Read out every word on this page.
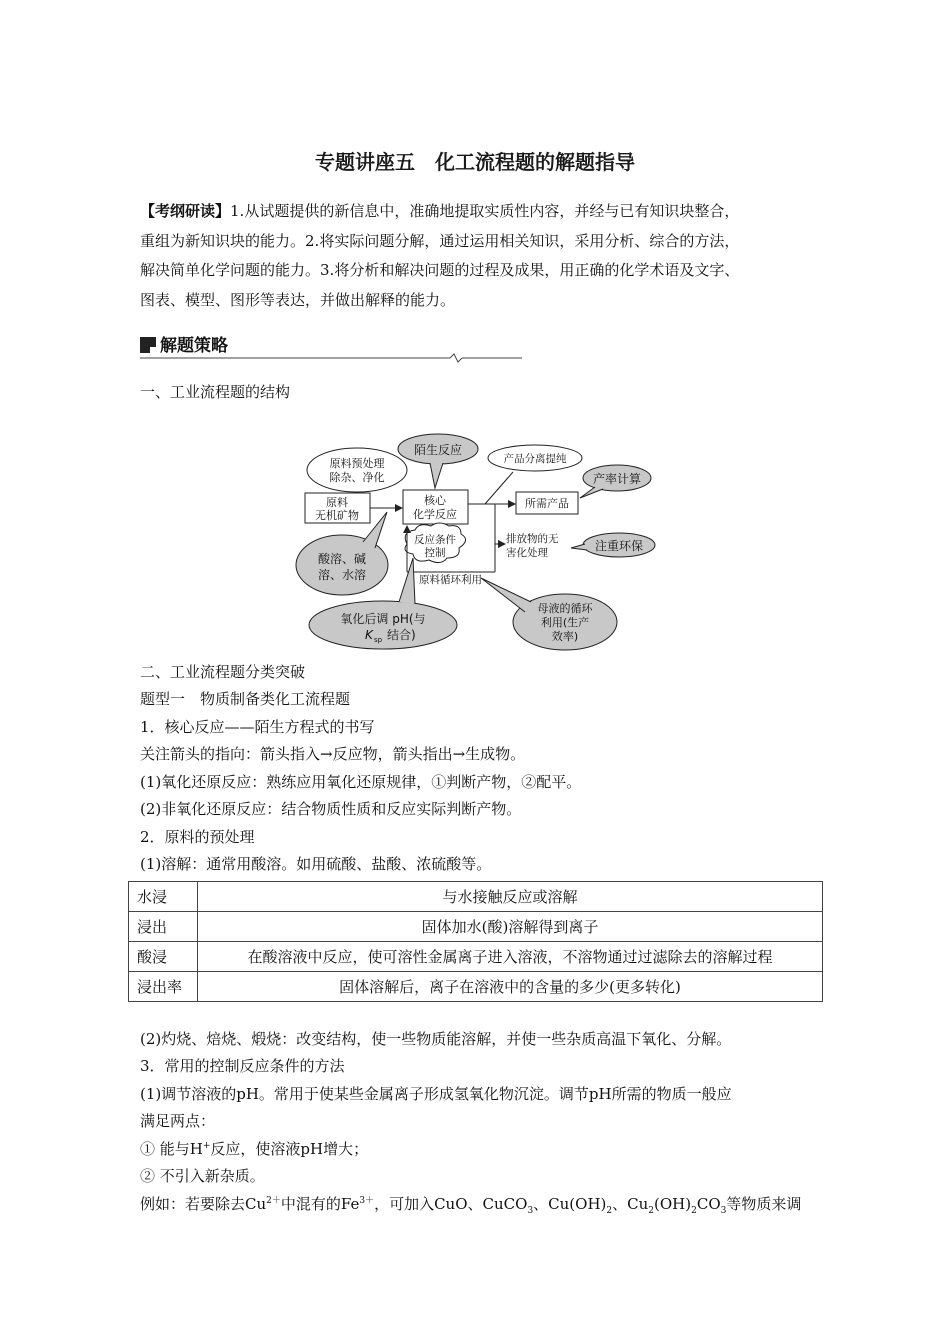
专题讲座五　化工流程题的解题指导
【考纲研读】1.从试题提供的新信息中，准确地提取实质性内容，并经与已有知识块整合，
重组为新知识块的能力。2.将实际问题分解，通过运用相关知识，采用分析、综合的方法，
解决简单化学问题的能力。3.将分析和解决问题的过程及成果，用正确的化学术语及文字、
图表、模型、图形等表达，并做出解释的能力。
解题策略
一、工业流程题的结构
原料
无机矿物
原料预处理
除杂、净化
核心
化学反应
陌生反应
产品分离提纯
所需产品
产率计算
排放物的无
害化处理	注重环保
反应条件
控制
原料循环利用
酸溶、碱
溶、水溶
氧化后调 pH(与
K sp 结合)
母液的循环
利用(生产
效率)
二、工业流程题分类突破
题型一　物质制备类化工流程题
1．核心反应——陌生方程式的书写
关注箭头的指向：箭头指入→反应物，箭头指出→生成物。
(1)氧化还原反应：熟练应用氧化还原规律，①判断产物，②配平。
(2)非氧化还原反应：结合物质性质和反应实际判断产物。
2．原料的预处理
(1)溶解：通常用酸溶。如用硫酸、盐酸、浓硫酸等。
水浸	与水接触反应或溶解
浸出	固体加水(酸)溶解得到离子
酸浸	在酸溶液中反应，使可溶性金属离子进入溶液，不溶物通过过滤除去的溶解过程
浸出率	固体溶解后，离子在溶液中的含量的多少(更多转化)
(2)灼烧、焙烧、煅烧：改变结构，使一些物质能溶解，并使一些杂质高温下氧化、分解。
3．常用的控制反应条件的方法
(1)调节溶液的pH。常用于使某些金属离子形成氢氧化物沉淀。调节pH所需的物质一般应
满足两点：
① 能与H+反应，使溶液pH增大；
② 不引入新杂质。
例如：若要除去$Cu^{2+}$中混有的$Fe^{3+}$，可加入CuO、CuCO$_3$、$Cu(OH)_2$、$Cu_2(OH)_2CO_3$等物质来调
